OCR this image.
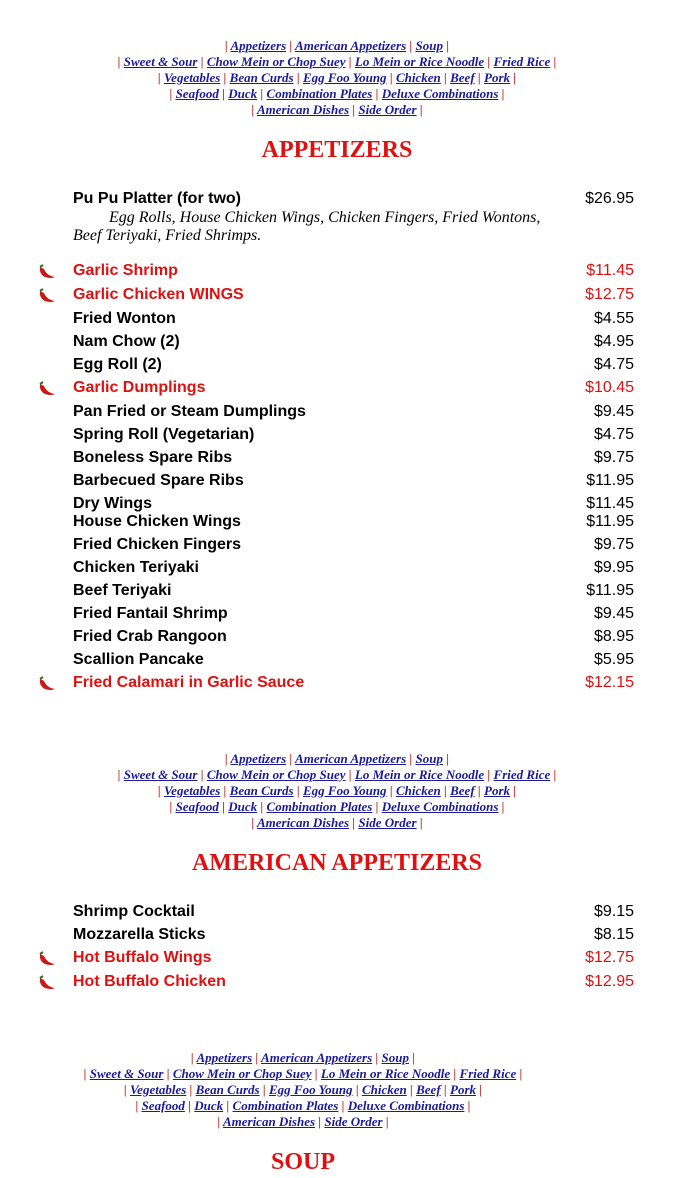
| Appetizers | American Appetizers | Soup |
| Sweet & Sour | Chow Mein or Chop Suey | Lo Mein or Rice Noodle | Fried Rice |
| Vegetables | Bean Curds | Egg Foo Young | Chicken | Beef | Pork |
| Seafood | Duck | Combination Plates | Deluxe Combinations |
| American Dishes | Side Order |
APPETIZERS
Pu Pu Platter (for two)	$26.95
Egg Rolls, House Chicken Wings, Chicken Fingers, Fried Wontons, Beef Teriyaki, Fried Shrimps.
Garlic Shrimp	$11.45
Garlic Chicken WINGS	$12.75
Fried Wonton	$4.55
Nam Chow (2)	$4.95
Egg Roll (2)	$4.75
Garlic Dumplings	$10.45
Pan Fried or Steam Dumplings	$9.45
Spring Roll (Vegetarian)	$4.75
Boneless Spare Ribs	$9.75
Barbecued Spare Ribs	$11.95
Dry Wings	$11.45
House Chicken Wings	$11.95
Fried Chicken Fingers	$9.75
Chicken Teriyaki	$9.95
Beef Teriyaki	$11.95
Fried Fantail Shrimp	$9.45
Fried Crab Rangoon	$8.95
Scallion Pancake	$5.95
Fried Calamari in Garlic Sauce	$12.15
| Appetizers | American Appetizers | Soup |
| Sweet & Sour | Chow Mein or Chop Suey | Lo Mein or Rice Noodle | Fried Rice |
| Vegetables | Bean Curds | Egg Foo Young | Chicken | Beef | Pork |
| Seafood | Duck | Combination Plates | Deluxe Combinations |
| American Dishes | Side Order |
AMERICAN APPETIZERS
Shrimp Cocktail	$9.15
Mozzarella Sticks	$8.15
Hot Buffalo Wings	$12.75
Hot Buffalo Chicken	$12.95
| Appetizers | American Appetizers | Soup |
| Sweet & Sour | Chow Mein or Chop Suey | Lo Mein or Rice Noodle | Fried Rice |
| Vegetables | Bean Curds | Egg Foo Young | Chicken | Beef | Pork |
| Seafood | Duck | Combination Plates | Deluxe Combinations |
| American Dishes | Side Order |
SOUP
